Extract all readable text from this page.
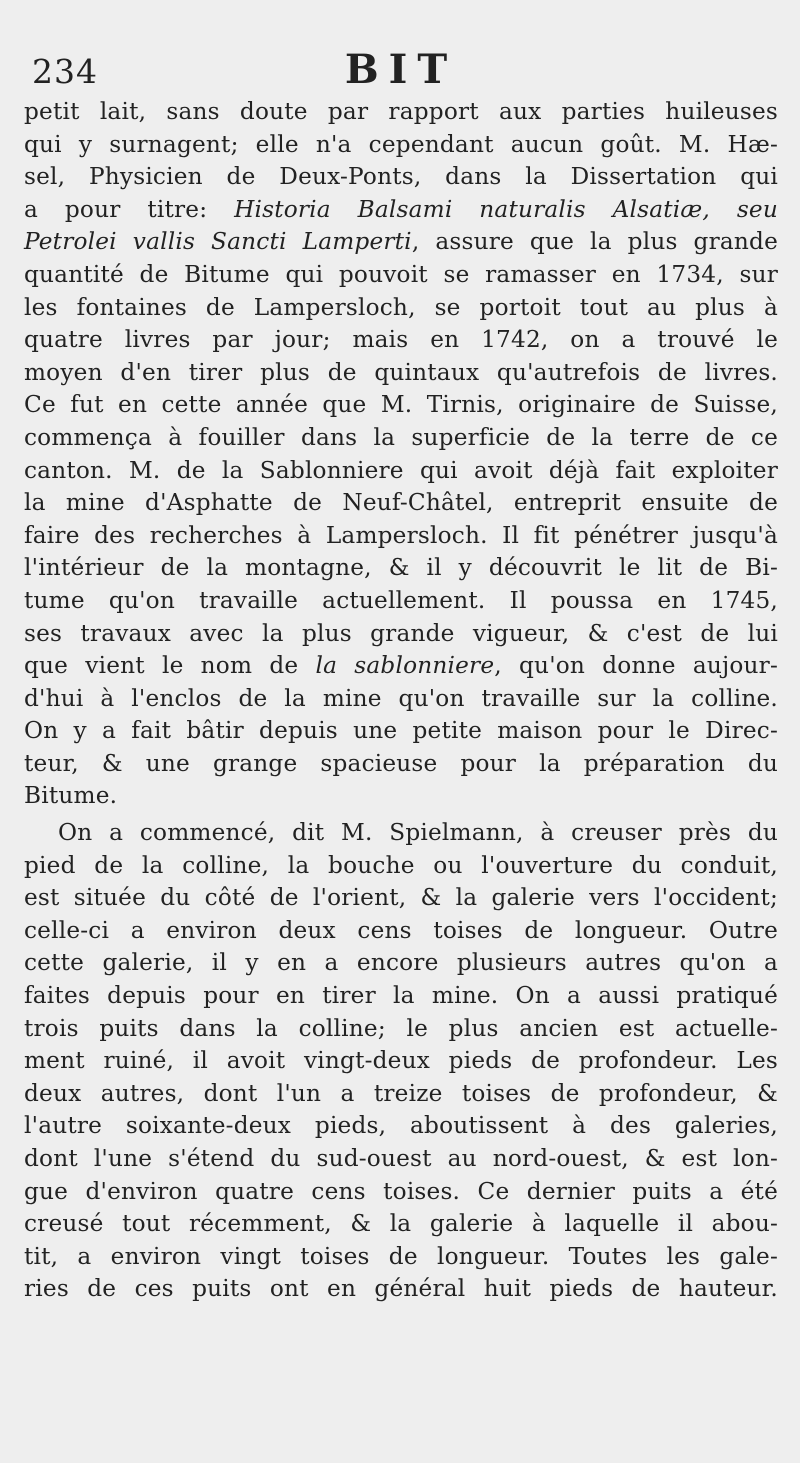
234	BIT
petit lait, sans doute par rapport aux parties huileuses
qui y surnagent; elle n'a cependant aucun goût. M. Hæ-
sel, Physicien de Deux-Ponts, dans la Dissertation qui
a pour titre: Historia Balsami naturalis Alsatiæ, seu
Petrolei vallis Sancti Lamperti, assure que la plus grande
quantité de Bitume qui pouvoit se ramasser en 1734, sur
les fontaines de Lampersloch, se portoit tout au plus à
quatre livres par jour; mais en 1742, on a trouvé le
moyen d'en tirer plus de quintaux qu'autrefois de livres.
Ce fut en cette année que M. Tirnis, originaire de Suisse,
commença à fouiller dans la superficie de la terre de ce
canton. M. de la Sablonniere qui avoit déjà fait exploiter
la mine d'Asphatte de Neuf-Châtel, entreprit ensuite de
faire des recherches à Lampersloch. Il fit pénétrer jusqu'à
l'intérieur de la montagne, & il y découvrit le lit de Bi-
tume qu'on travaille actuellement. Il poussa en 1745,
ses travaux avec la plus grande vigueur, & c'est de lui
que vient le nom de la sablonniere, qu'on donne aujour-
d'hui à l'enclos de la mine qu'on travaille sur la colline.
On y a fait bâtir depuis une petite maison pour le Direc-
teur, & une grange spacieuse pour la préparation du
Bitume.
On a commencé, dit M. Spielmann, à creuser près du
pied de la colline, la bouche ou l'ouverture du conduit,
est située du côté de l'orient, & la galerie vers l'occident;
celle-ci a environ deux cens toises de longueur. Outre
cette galerie, il y en a encore plusieurs autres qu'on a
faites depuis pour en tirer la mine. On a aussi pratiqué
trois puits dans la colline; le plus ancien est actuelle-
ment ruiné, il avoit vingt-deux pieds de profondeur. Les
deux autres, dont l'un a treize toises de profondeur, &
l'autre soixante-deux pieds, aboutissent à des galeries,
dont l'une s'étend du sud-ouest au nord-ouest, & est lon-
gue d'environ quatre cens toises. Ce dernier puits a été
creusé tout récemment, & la galerie à laquelle il abou-
tit, a environ vingt toises de longueur. Toutes les gale-
ries de ces puits ont en général huit pieds de hauteur.
